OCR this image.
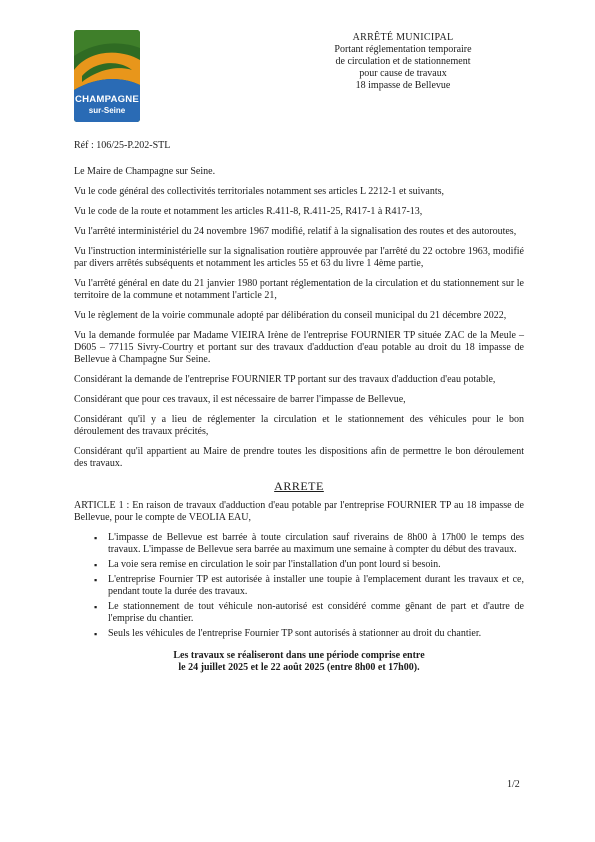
CHAMPAGNE
sur-Seine
ARRÊTÉ MUNICIPAL
Portant réglementation temporaire
de circulation et de stationnement
pour cause de travaux
18 impasse de Bellevue
Réf : 106/25-P.202-STL

Le Maire de Champagne sur Seine.

Vu le code général des collectivités territoriales notamment ses articles L 2212-1 et suivants,

Vu le code de la route et notamment les articles R.411-8, R.411-25, R417-1 à R417-13,

Vu l'arrêté interministériel du 24 novembre 1967 modifié, relatif à la signalisation des routes et des autoroutes,

Vu l'instruction interministérielle sur la signalisation routière approuvée par l'arrêté du 22 octobre 1963, modifié par divers arrêtés subséquents et notamment les articles 55 et 63 du livre 1 4ème partie,

Vu l'arrêté général en date du 21 janvier 1980 portant réglementation de la circulation et du stationnement sur le territoire de la commune et notamment l'article 21,

Vu le règlement de la voirie communale adopté par délibération du conseil municipal du 21 décembre 2022,

Vu la demande formulée par Madame VIEIRA Irène de l'entreprise FOURNIER TP située ZAC de la Meule – D605 – 77115 Sivry-Courtry et portant sur des travaux d'adduction d'eau potable au droit du 18 impasse de Bellevue à Champagne Sur Seine.

Considérant la demande de l'entreprise FOURNIER TP portant sur des travaux d'adduction d'eau potable,

Considérant que pour ces travaux, il est nécessaire de barrer l'impasse de Bellevue,

Considérant qu'il y a lieu de réglementer la circulation et le stationnement des véhicules pour le bon déroulement des travaux précités,

Considérant qu'il appartient au Maire de prendre toutes les dispositions afin de permettre le bon déroulement des travaux.

ARRETE

ARTICLE 1 : En raison de travaux d'adduction d'eau potable par l'entreprise FOURNIER TP au 18 impasse de Bellevue, pour le compte de VEOLIA EAU,

▪ L'impasse de Bellevue est barrée à toute circulation sauf riverains de 8h00 à 17h00 le temps des travaux. L'impasse de Bellevue sera barrée au maximum une semaine à compter du début des travaux.
▪ La voie sera remise en circulation le soir par l'installation d'un pont lourd si besoin.
▪ L'entreprise Fournier TP est autorisée à installer une toupie à l'emplacement durant les travaux et ce, pendant toute la durée des travaux.
▪ Le stationnement de tout véhicule non-autorisé est considéré comme gênant de part et d'autre de l'emprise du chantier.
▪ Seuls les véhicules de l'entreprise Fournier TP sont autorisés à stationner au droit du chantier.
Les travaux se réaliseront dans une période comprise entre
le 24 juillet 2025 et le 22 août 2025 (entre 8h00 et 17h00).
1/2
